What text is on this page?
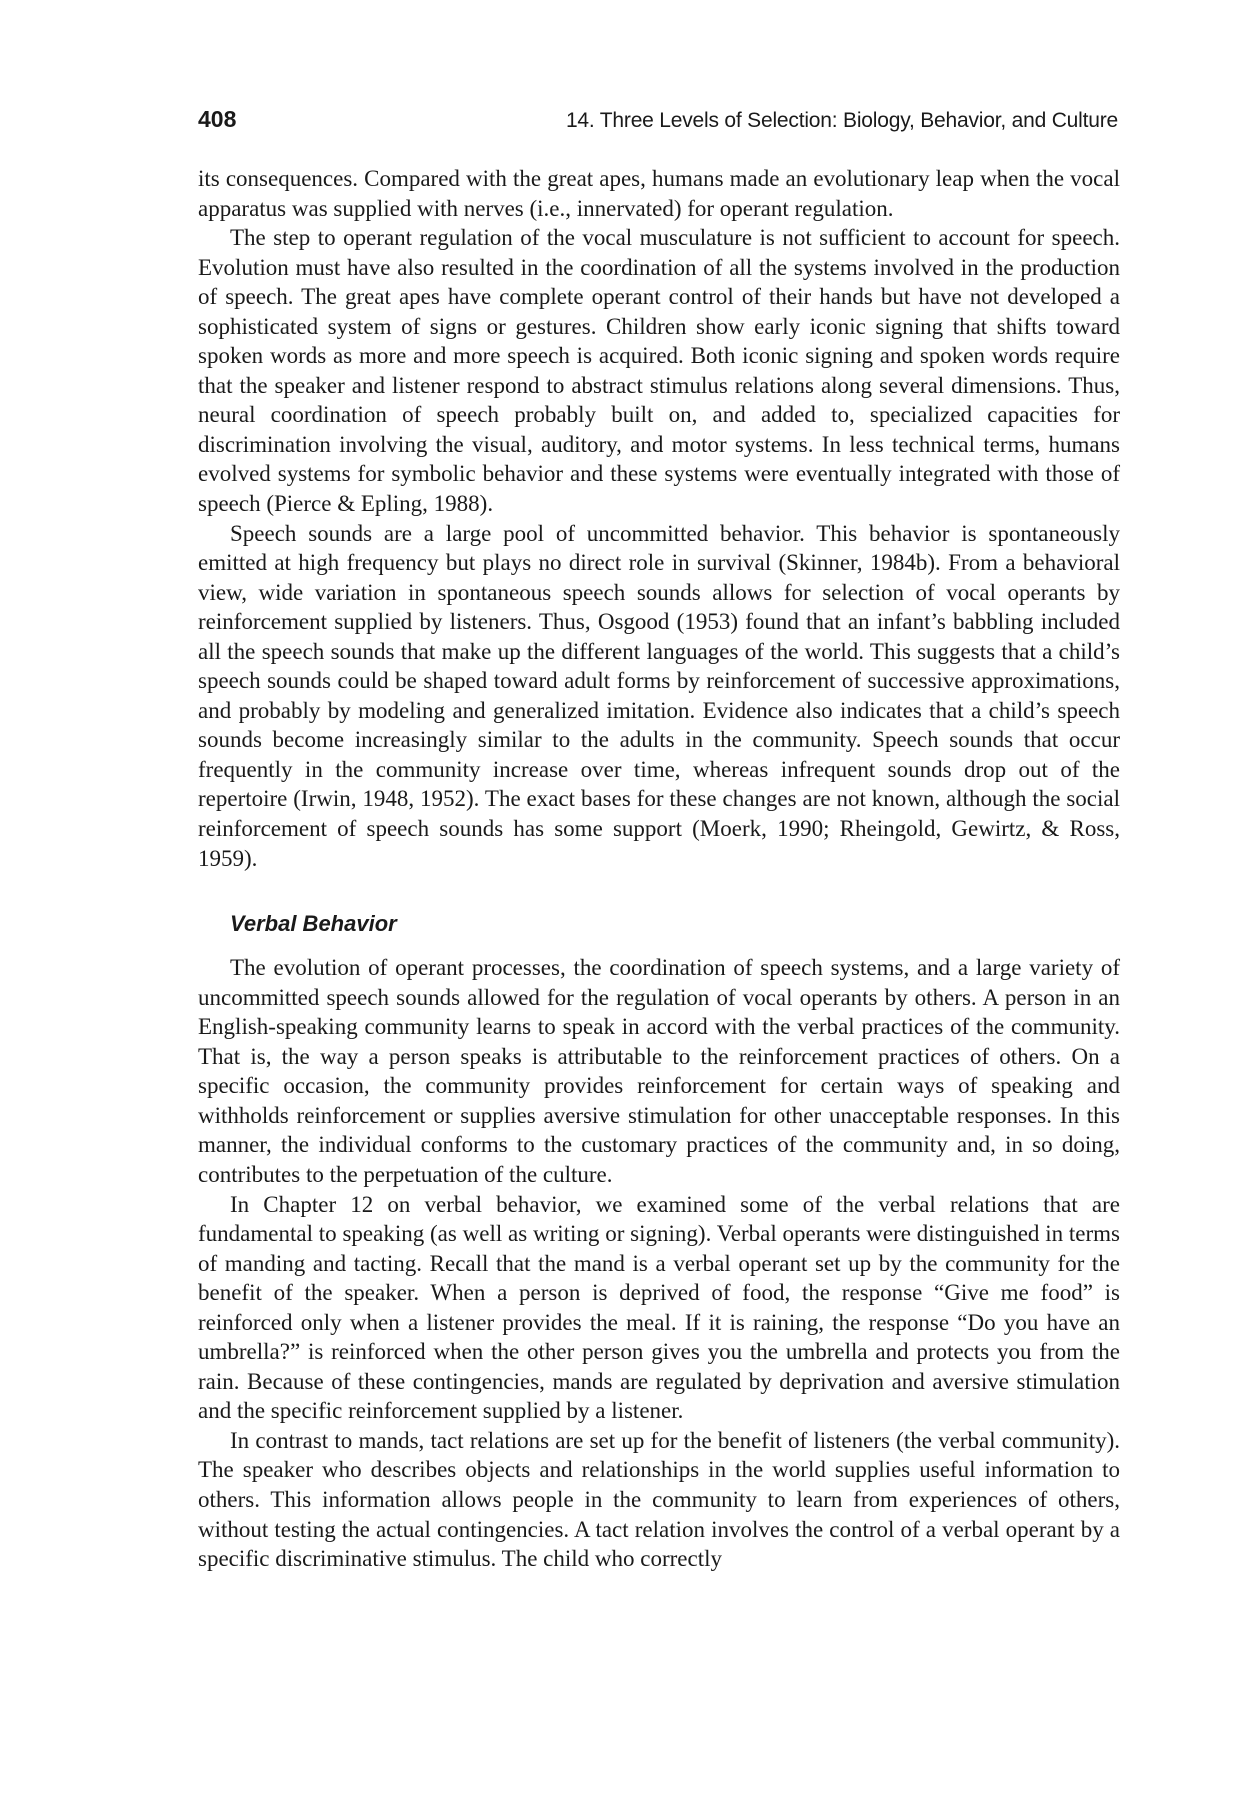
408	14. Three Levels of Selection: Biology, Behavior, and Culture

its consequences. Compared with the great apes, humans made an evolutionary leap when the vocal apparatus was supplied with nerves (i.e., innervated) for operant regulation.

The step to operant regulation of the vocal musculature is not sufficient to account for speech. Evolution must have also resulted in the coordination of all the systems involved in the production of speech. The great apes have complete operant control of their hands but have not developed a sophisticated system of signs or gestures. Children show early iconic signing that shifts toward spoken words as more and more speech is acquired. Both iconic signing and spoken words require that the speaker and listener respond to abstract stimulus relations along several dimensions. Thus, neural coordination of speech probably built on, and added to, specialized capacities for discrimination involving the visual, auditory, and motor systems. In less technical terms, humans evolved systems for symbolic behavior and these systems were eventually integrated with those of speech (Pierce & Epling, 1988).

Speech sounds are a large pool of uncommitted behavior. This behavior is spontaneously emitted at high frequency but plays no direct role in survival (Skinner, 1984b). From a behavioral view, wide variation in spontaneous speech sounds allows for selection of vocal operants by reinforcement supplied by listeners. Thus, Osgood (1953) found that an infant’s babbling included all the speech sounds that make up the different languages of the world. This suggests that a child’s speech sounds could be shaped toward adult forms by reinforcement of successive approximations, and probably by modeling and generalized imitation. Evidence also indicates that a child’s speech sounds become increasingly similar to the adults in the community. Speech sounds that occur frequently in the community increase over time, whereas infrequent sounds drop out of the repertoire (Irwin, 1948, 1952). The exact bases for these changes are not known, although the social reinforcement of speech sounds has some support (Moerk, 1990; Rheingold, Gewirtz, & Ross, 1959).

Verbal Behavior

The evolution of operant processes, the coordination of speech systems, and a large variety of uncommitted speech sounds allowed for the regulation of vocal operants by others. A person in an English-speaking community learns to speak in accord with the verbal practices of the community. That is, the way a person speaks is attributable to the reinforcement practices of others. On a specific occasion, the community provides reinforcement for certain ways of speaking and withholds reinforcement or supplies aversive stimulation for other unacceptable responses. In this manner, the individual conforms to the customary practices of the community and, in so doing, contributes to the perpetuation of the culture.

In Chapter 12 on verbal behavior, we examined some of the verbal relations that are fundamental to speaking (as well as writing or signing). Verbal operants were distinguished in terms of manding and tacting. Recall that the mand is a verbal operant set up by the community for the benefit of the speaker. When a person is deprived of food, the response “Give me food” is reinforced only when a listener provides the meal. If it is raining, the response “Do you have an umbrella?” is reinforced when the other person gives you the umbrella and protects you from the rain. Because of these contingencies, mands are regulated by deprivation and aversive stimulation and the specific reinforcement supplied by a listener.

In contrast to mands, tact relations are set up for the benefit of listeners (the verbal community). The speaker who describes objects and relationships in the world supplies useful information to others. This information allows people in the community to learn from experiences of others, without testing the actual contingencies. A tact relation involves the control of a verbal operant by a specific discriminative stimulus. The child who correctly
